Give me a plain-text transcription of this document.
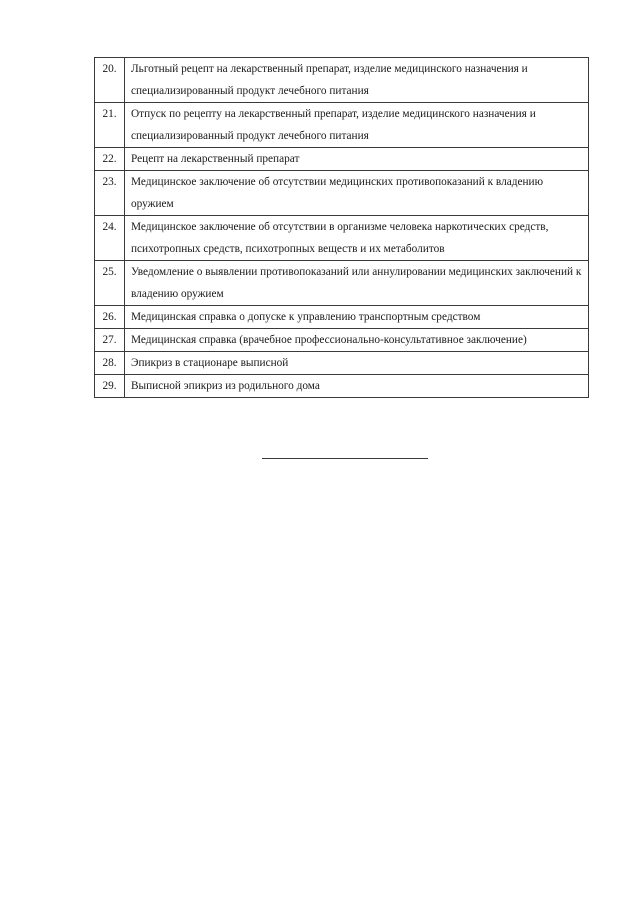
20.	Льготный рецепт на лекарственный препарат, изделие медицинского назначения и специализированный продукт лечебного питания
21.	Отпуск по рецепту на лекарственный препарат, изделие медицинского назначения и специализированный продукт лечебного питания
22.	Рецепт на лекарственный препарат
23.	Медицинское заключение об отсутствии медицинских противопоказаний к владению оружием
24.	Медицинское заключение об отсутствии в организме человека наркотических средств, психотропных средств, психотропных веществ и их метаболитов
25.	Уведомление о выявлении противопоказаний или аннулировании медицинских заключений к владению оружием
26.	Медицинская справка о допуске к управлению транспортным средством
27.	Медицинская справка (врачебное профессионально-консультативное заключение)
28.	Эпикриз в стационаре выписной
29.	Выписной эпикриз из родильного дома
